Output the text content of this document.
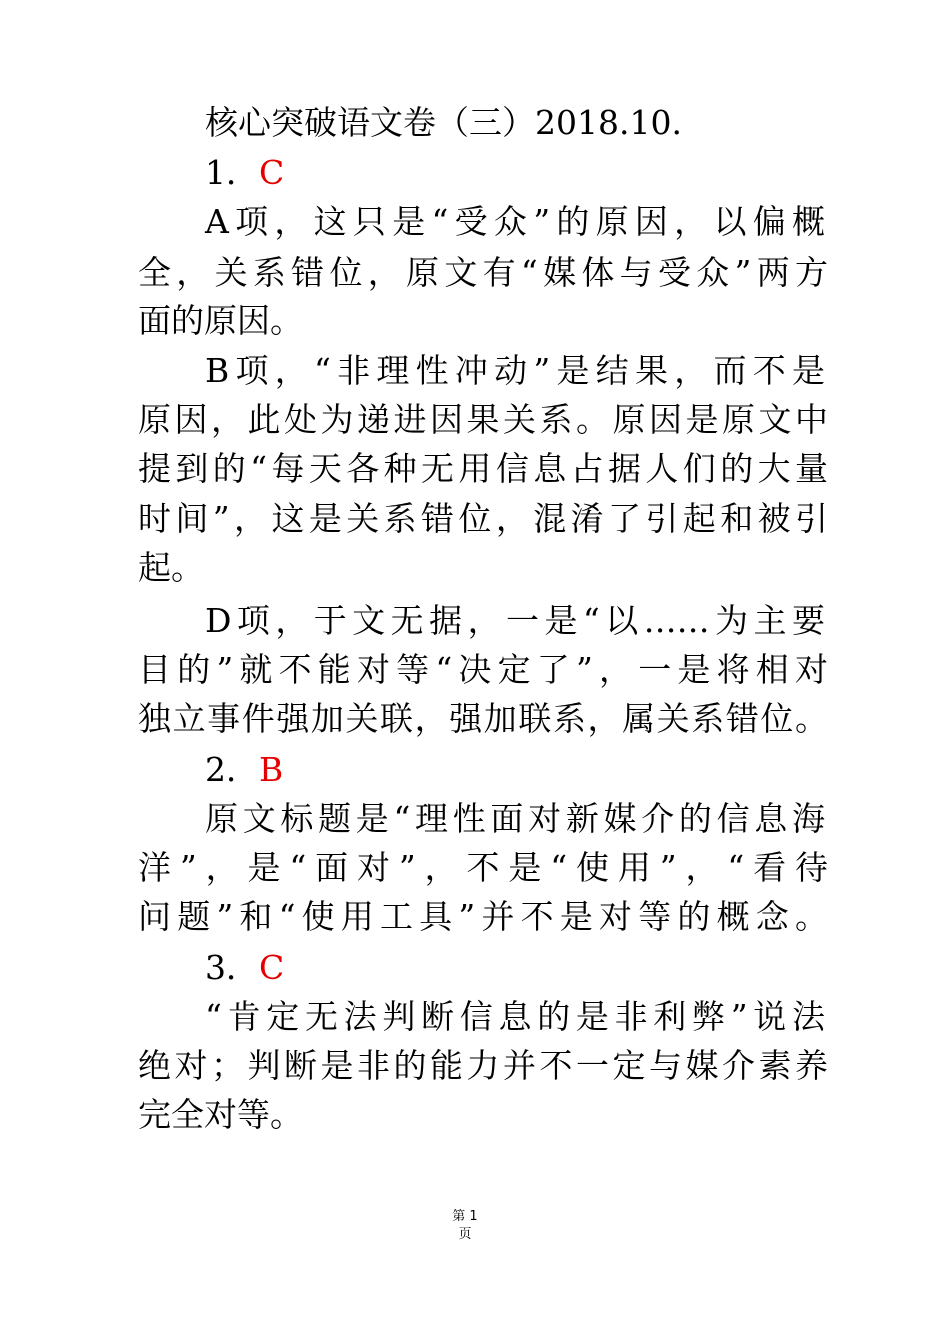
核心突破语文卷（三）2018.10.
1．C
A项，这只是“受众”的原因，以偏概
全，关系错位，原文有“媒体与受众”两方
面的原因。
B项，“非理性冲动”是结果，而不是
原因，此处为递进因果关系。原因是原文中
提到的“每天各种无用信息占据人们的大量
时间”，这是关系错位，混淆了引起和被引
起。
D项，于文无据，一是“以……为主要
目的”就不能对等“决定了”，一是将相对
独立事件强加关联，强加联系，属关系错位。
2．B
原文标题是“理性面对新媒介的信息海
洋”，是“面对”，不是“使用”，“看待
问题”和“使用工具”并不是对等的概念。
3．C
“肯定无法判断信息的是非利弊”说法
绝对；判断是非的能力并不一定与媒介素养
完全对等。
第 1
页
